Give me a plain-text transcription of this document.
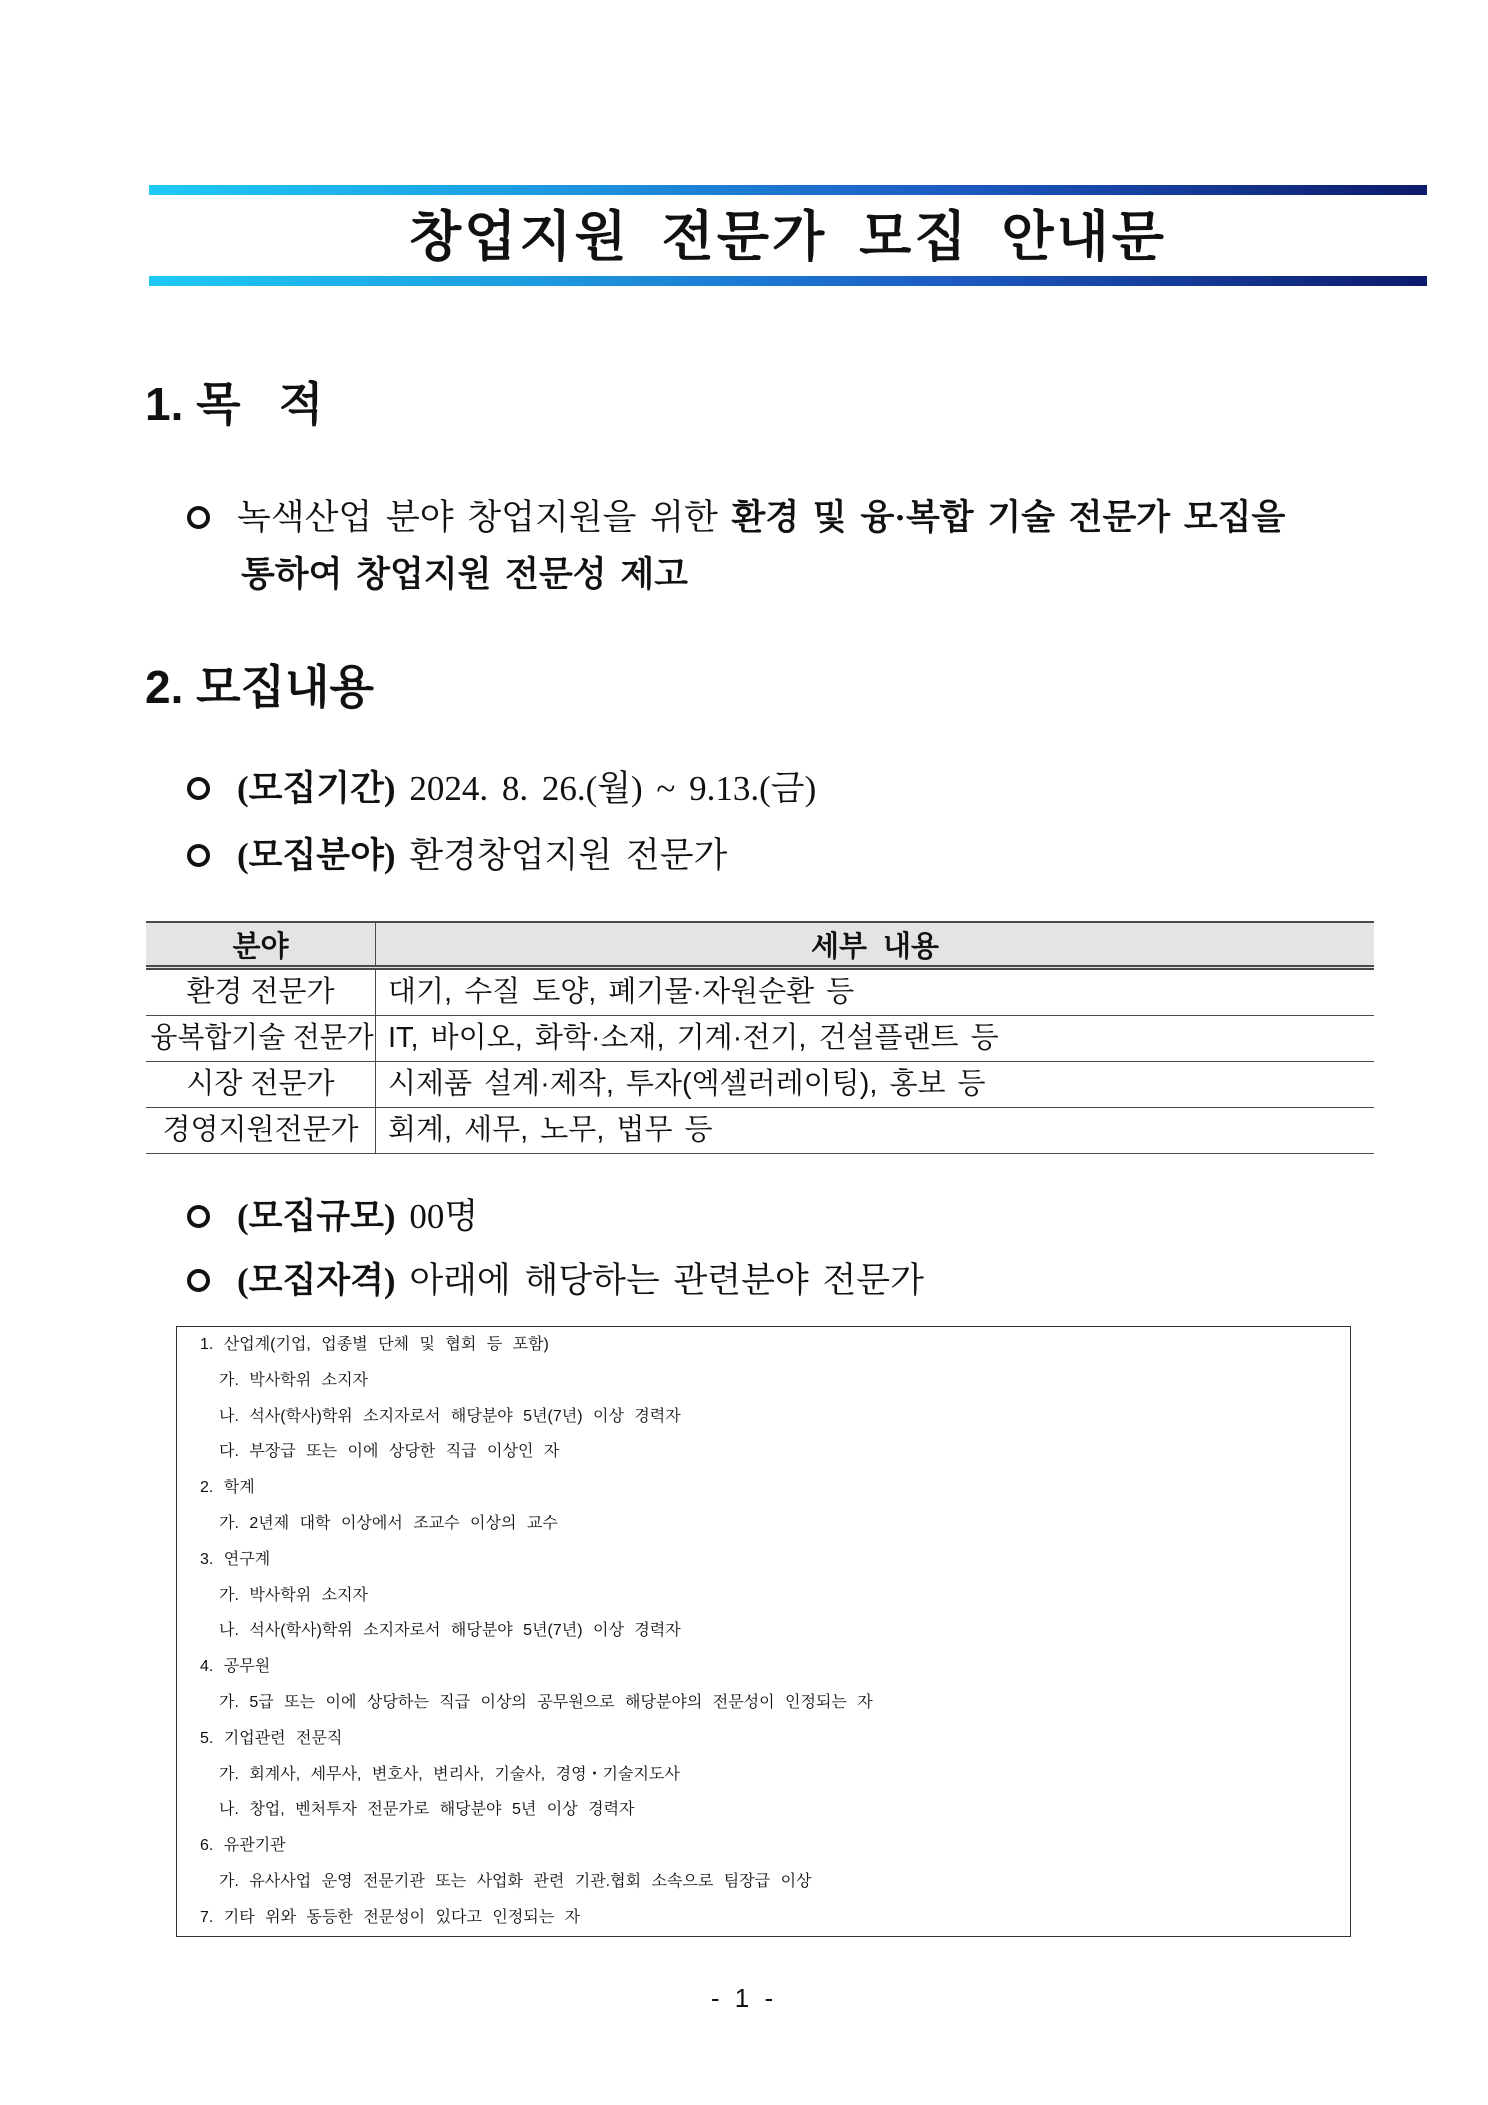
창업지원 전문가 모집 안내문
1. 목   적
녹색산업 분야 창업지원을 위한 환경 및 융·복합 기술 전문가 모집을
통하여 창업지원 전문성 제고
2. 모집내용
(모집기간) 2024. 8. 26.(월) ~ 9.13.(금)
(모집분야) 환경창업지원 전문가
분야	세부 내용
환경 전문가	대기, 수질 토양, 폐기물·자원순환 등
융복합기술 전문가	IT, 바이오, 화학·소재, 기계·전기, 건설플랜트 등
시장 전문가	시제품 설계·제작, 투자(엑셀러레이팅), 홍보 등
경영지원전문가	회계, 세무, 노무, 법무 등
(모집규모) 00명
(모집자격) 아래에 해당하는 관련분야 전문가
1. 산업계(기업, 업종별 단체 및 협회 등 포함)
가. 박사학위 소지자
나. 석사(학사)학위 소지자로서 해당분야 5년(7년) 이상 경력자
다. 부장급 또는 이에 상당한 직급 이상인 자
2. 학계
가. 2년제 대학 이상에서 조교수 이상의 교수
3. 연구계
가. 박사학위 소지자
나. 석사(학사)학위 소지자로서 해당분야 5년(7년) 이상 경력자
4. 공무원
가. 5급 또는 이에 상당하는 직급 이상의 공무원으로 해당분야의 전문성이 인정되는 자
5. 기업관련 전문직
가. 회계사, 세무사, 변호사, 변리사, 기술사, 경영・기술지도사
나. 창업, 벤처투자 전문가로 해당분야 5년 이상 경력자
6. 유관기관
가. 유사사업 운영 전문기관 또는 사업화 관련 기관.협회 소속으로 팀장급 이상
7. 기타 위와 동등한 전문성이 있다고 인정되는 자
- 1 -
